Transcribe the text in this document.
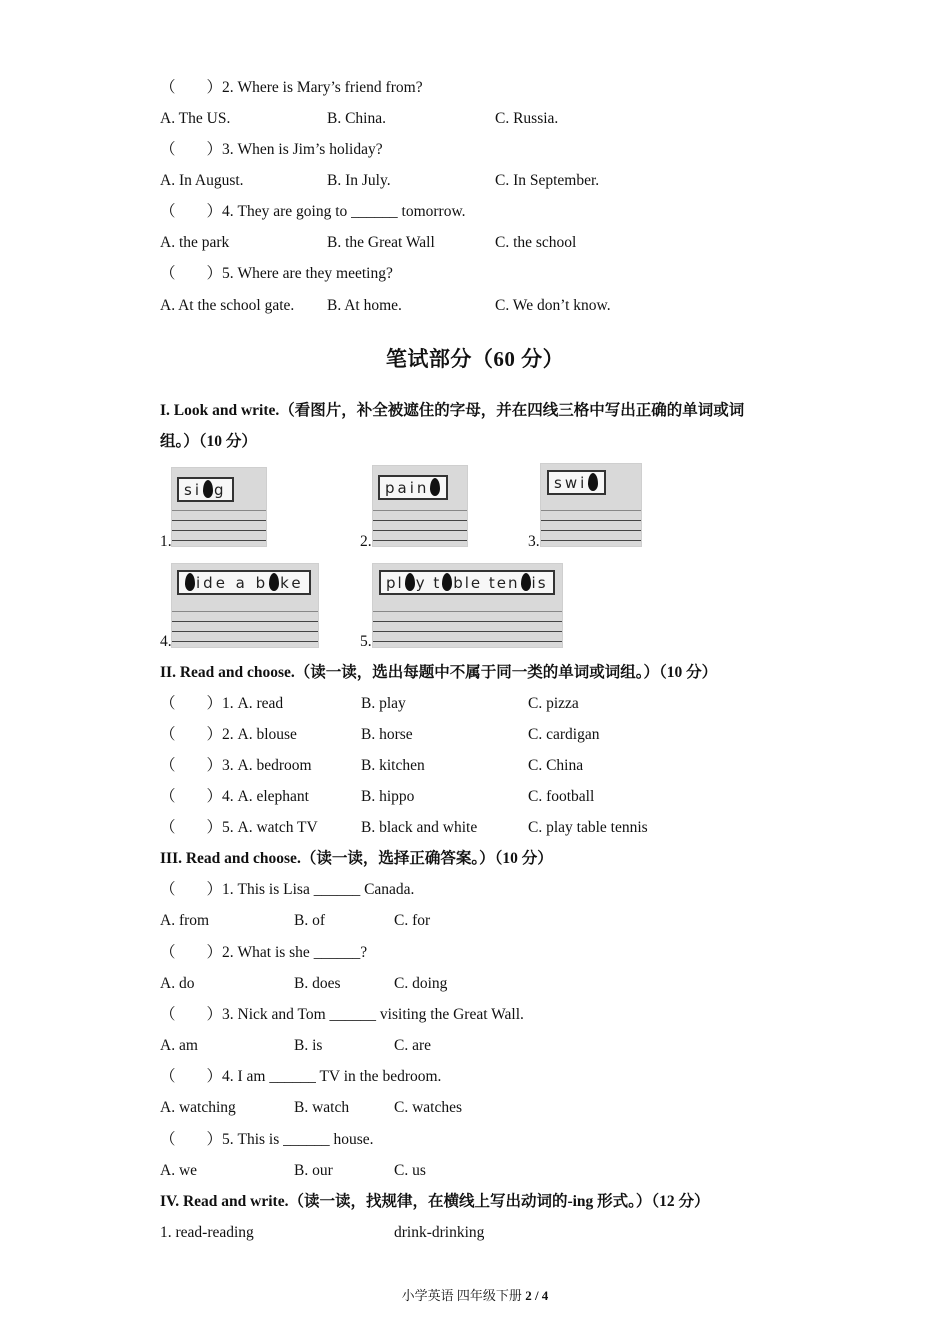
（　　）2. Where is Mary’s friend from?
A. The US.	B. China.	C. Russia.
（　　）3. When is Jim’s holiday?
A. In August.	B. In July.	C. In September.
（　　）4. They are going to ______ tomorrow.
A. the park	B. the Great Wall	C. the school
（　　）5. Where are they meeting?
A. At the school gate. B. At home.	C. We don’t know.
笔试部分（60 分）
I. Look and write.（看图片，补全被遮住的字母，并在四线三格中写出正确的单词或词
组。）（10 分）
si g
1.
pain
2.
swi
3.
ide a b ke
4.
pl y t ble ten is
5.
II. Read and choose.（读一读，选出每题中不属于同一类的单词或词组。）（10 分）
（　　）1. A. read	B. play	C. pizza
（　　）2. A. blouse	B. horse	C. cardigan
（　　）3. A. bedroom	B. kitchen	C. China
（　　）4. A. elephant	B. hippo	C. football
（　　）5. A. watch TV	B. black and white	C. play table tennis
III. Read and choose.（读一读，选择正确答案。）（10 分）
（　　）1. This is Lisa ______ Canada.
A. from	B. of	C. for
（　　）2. What is she ______?
A. do	B. does	C. doing
（　　）3. Nick and Tom ______ visiting the Great Wall.
A. am	B. is	C. are
（　　）4. I am ______ TV in the bedroom.
A. watching	B. watch	C. watches
（　　）5. This is ______ house.
A. we	B. our	C. us
IV. Read and write.（读一读，找规律，在横线上写出动词的-ing 形式。）（12 分）
1. read-reading	drink-drinking
小学英语 四年级下册 2 / 4
